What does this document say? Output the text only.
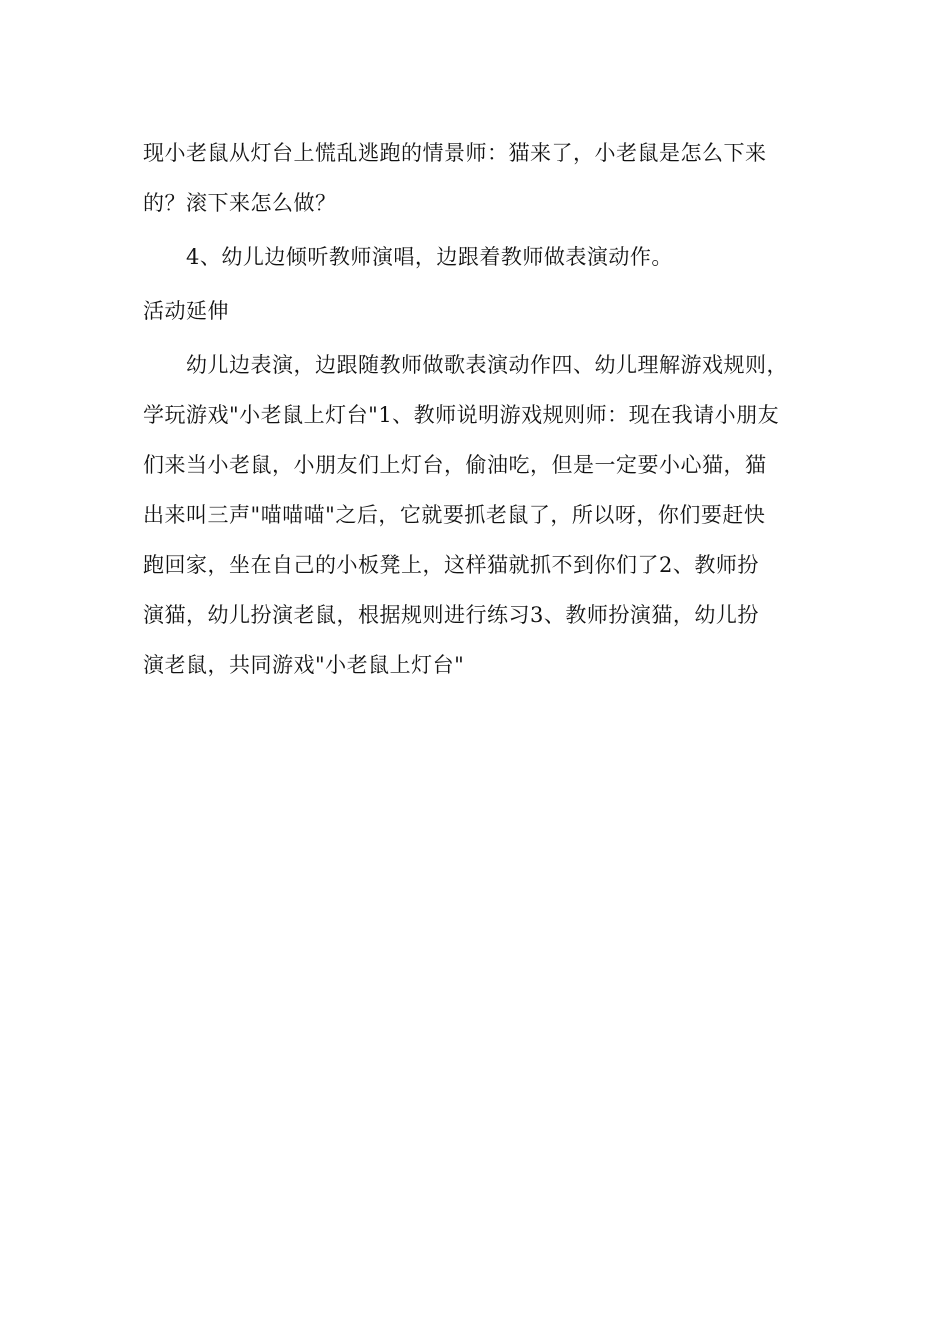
现小老鼠从灯台上慌乱逃跑的情景师：猫来了，小老鼠是怎么下来
的？滚下来怎么做？
4、幼儿边倾听教师演唱，边跟着教师做表演动作。
活动延伸
幼儿边表演，边跟随教师做歌表演动作四、幼儿理解游戏规则，
学玩游戏"小老鼠上灯台"1、教师说明游戏规则师：现在我请小朋友
们来当小老鼠，小朋友们上灯台，偷油吃，但是一定要小心猫，猫
出来叫三声"喵喵喵"之后，它就要抓老鼠了，所以呀，你们要赶快
跑回家，坐在自己的小板凳上，这样猫就抓不到你们了2、教师扮
演猫，幼儿扮演老鼠，根据规则进行练习3、教师扮演猫，幼儿扮
演老鼠，共同游戏"小老鼠上灯台"
